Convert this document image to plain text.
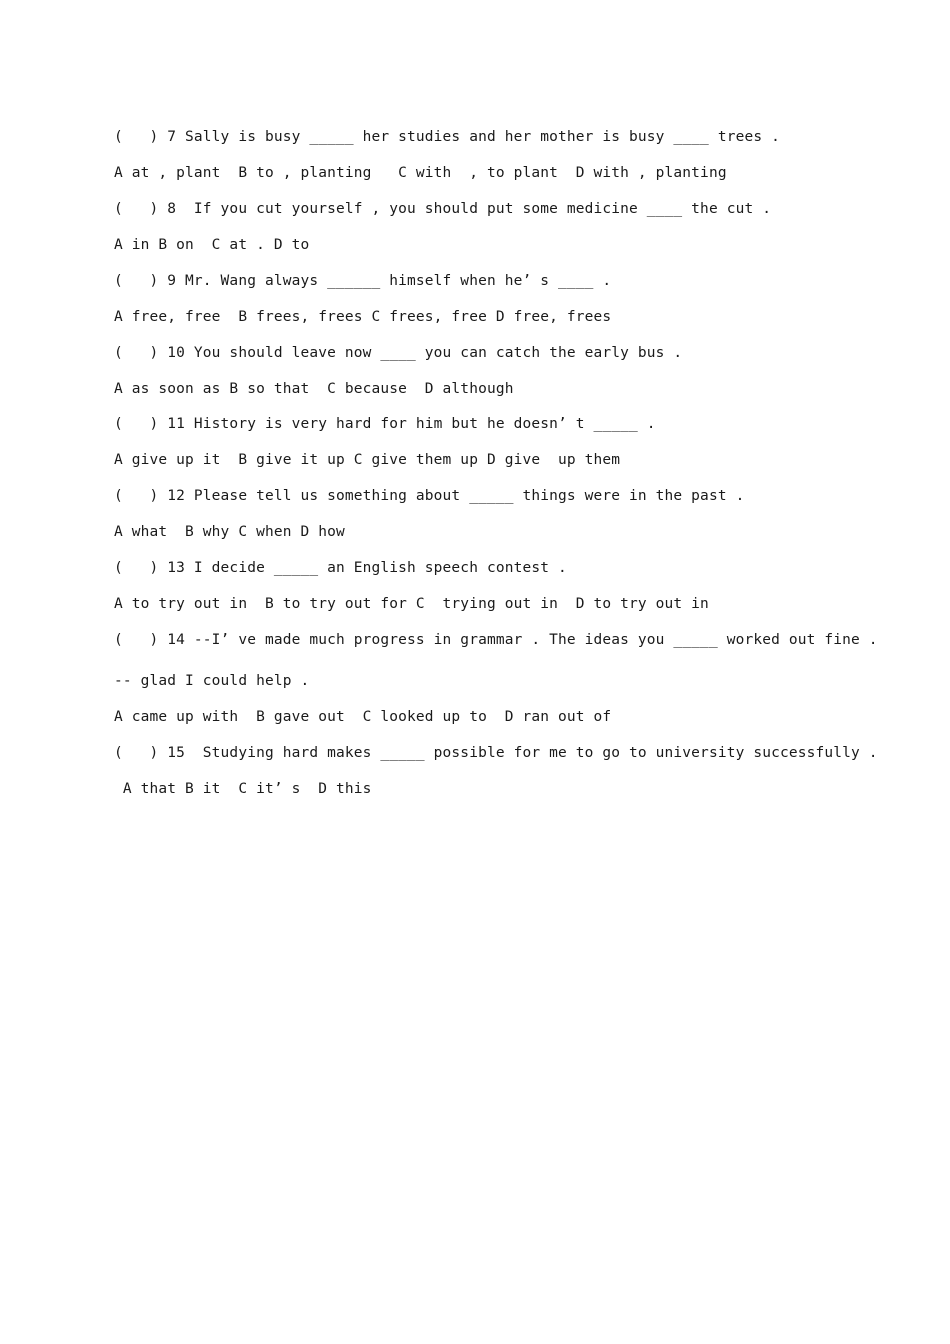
(   ) 7 Sally is busy _____ her studies and her mother is busy ____ trees .
A at , plant  B to , planting   C with  , to plant  D with , planting
(   ) 8  If you cut yourself , you should put some medicine ____ the cut .
A in B on  C at . D to
(   ) 9 Mr. Wang always ______ himself when he’ s ____ .
A free, free  B frees, frees C frees, free D free, frees
(   ) 10 You should leave now ____ you can catch the early bus .
A as soon as B so that  C because  D although
(   ) 11 History is very hard for him but he doesn’ t _____ .
A give up it  B give it up C give them up D give  up them
(   ) 12 Please tell us something about _____ things were in the past .
A what  B why C when D how
(   ) 13 I decide _____ an English speech contest .
A to try out in  B to try out for C  trying out in  D to try out in
(   ) 14 --I’ ve made much progress in grammar . The ideas you _____ worked out fine .
-- glad I could help .
A came up with  B gave out  C looked up to  D ran out of
(   ) 15  Studying hard makes _____ possible for me to go to university successfully .
A that B it  C it’ s  D this
